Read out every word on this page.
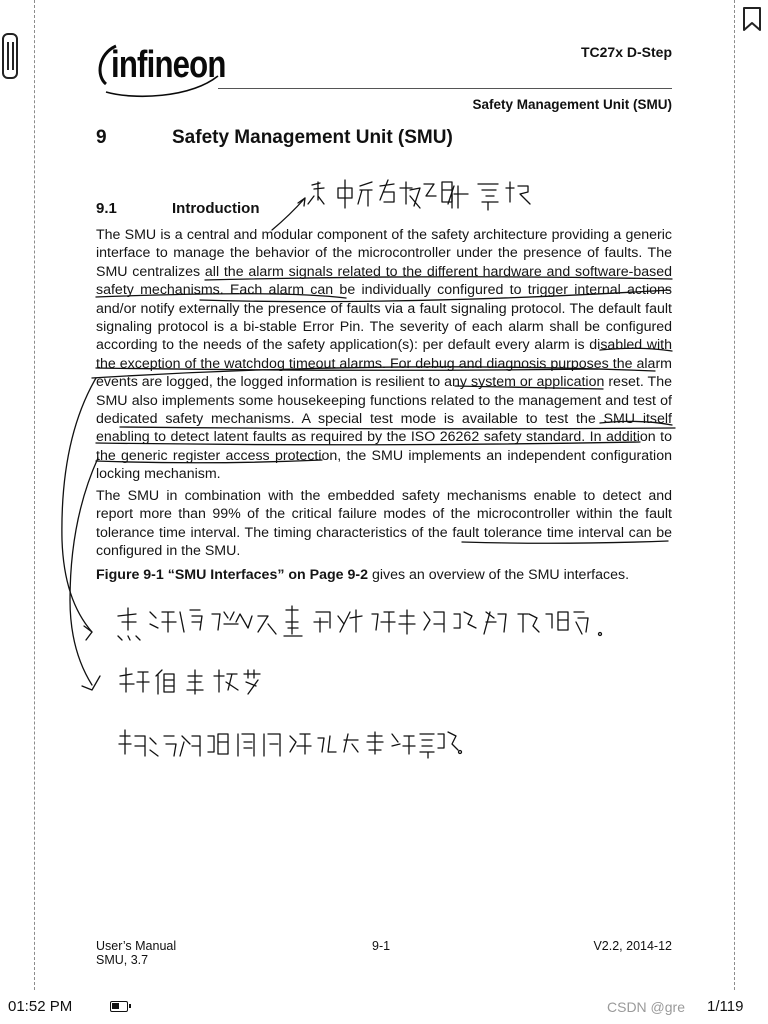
infineon	TC27x D-Step
Safety Management Unit (SMU)
9	Safety Management Unit (SMU)
9.1	Introduction
The SMU is a central and modular component of the safety architecture providing a generic interface to manage the behavior of the microcontroller under the presence of faults. The SMU centralizes all the alarm signals related to the different hardware and software-based safety mechanisms. Each alarm can be individually configured to trigger internal actions and/or notify externally the presence of faults via a fault signaling protocol. The default fault signaling protocol is a bi-stable Error Pin. The severity of each alarm shall be configured according to the needs of the safety application(s): per default every alarm is disabled with the exception of the watchdog timeout alarms. For debug and diagnosis purposes the alarm events are logged, the logged information is resilient to any system or application reset. The SMU also implements some housekeeping functions related to the management and test of dedicated safety mechanisms. A special test mode is available to test the SMU itself enabling to detect latent faults as required by the ISO 26262 safety standard. In addition to the generic register access protection, the SMU implements an independent configuration locking mechanism.
The SMU in combination with the embedded safety mechanisms enable to detect and report more than 99% of the critical failure modes of the microcontroller within the fault tolerance time interval. The timing characteristics of the fault tolerance time interval can be configured in the SMU.
Figure 9-1 “SMU Interfaces” on Page 9-2 gives an overview of the SMU interfaces.
User’s Manual
SMU, 3.7
9-1	V2.2, 2014-12
01:52 PM	CSDN @gre 1/119
